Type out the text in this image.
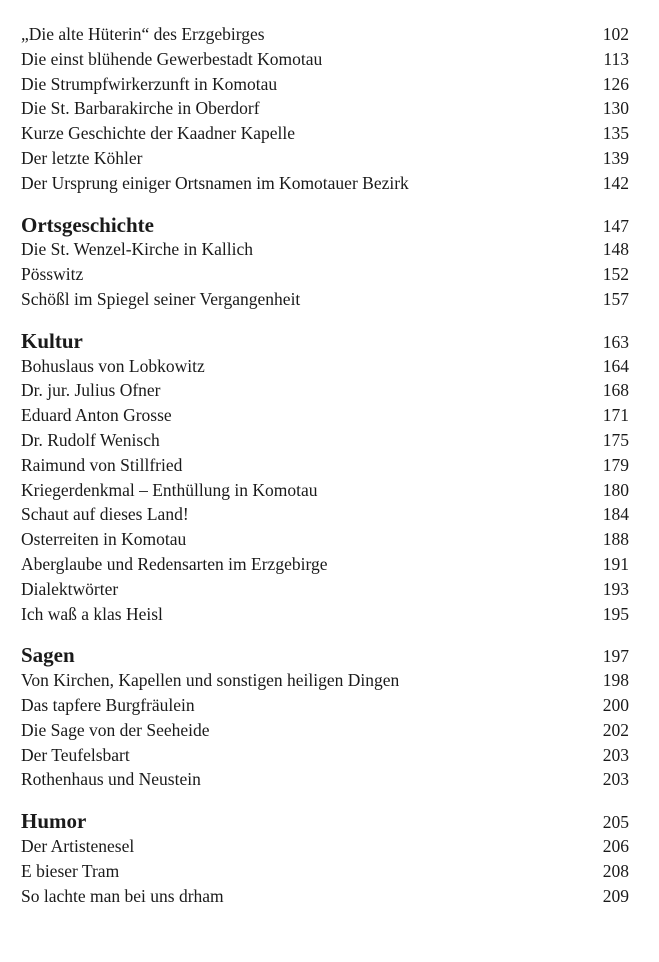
„Die alte Hüterin“ des Erzgebirges	102
Die einst blühende Gewerbestadt Komotau	113
Die Strumpfwirkerzunft in Komotau	126
Die St. Barbarakirche in Oberdorf	130
Kurze Geschichte der Kaadner Kapelle	135
Der letzte Köhler	139
Der Ursprung einiger Ortsnamen im Komotauer Bezirk	142
Ortsgeschichte	147
Die St. Wenzel-Kirche in Kallich	148
Pösswitz	152
Schößl im Spiegel seiner Vergangenheit	157
Kultur	163
Bohuslaus von Lobkowitz	164
Dr. jur. Julius Ofner	168
Eduard Anton Grosse	171
Dr. Rudolf Wenisch	175
Raimund von Stillfried	179
Kriegerdenkmal – Enthüllung in Komotau	180
Schaut auf dieses Land!	184
Osterreiten in Komotau	188
Aberglaube und Redensarten im Erzgebirge	191
Dialektwörter	193
Ich waß a klas Heisl	195
Sagen	197
Von Kirchen, Kapellen und sonstigen heiligen Dingen	198
Das tapfere Burgfräulein	200
Die Sage von der Seeheide	202
Der Teufelsbart	203
Rothenhaus und Neustein	203
Humor	205
Der Artistenesel	206
E bieser Tram	208
So lachte man bei uns drham	209
